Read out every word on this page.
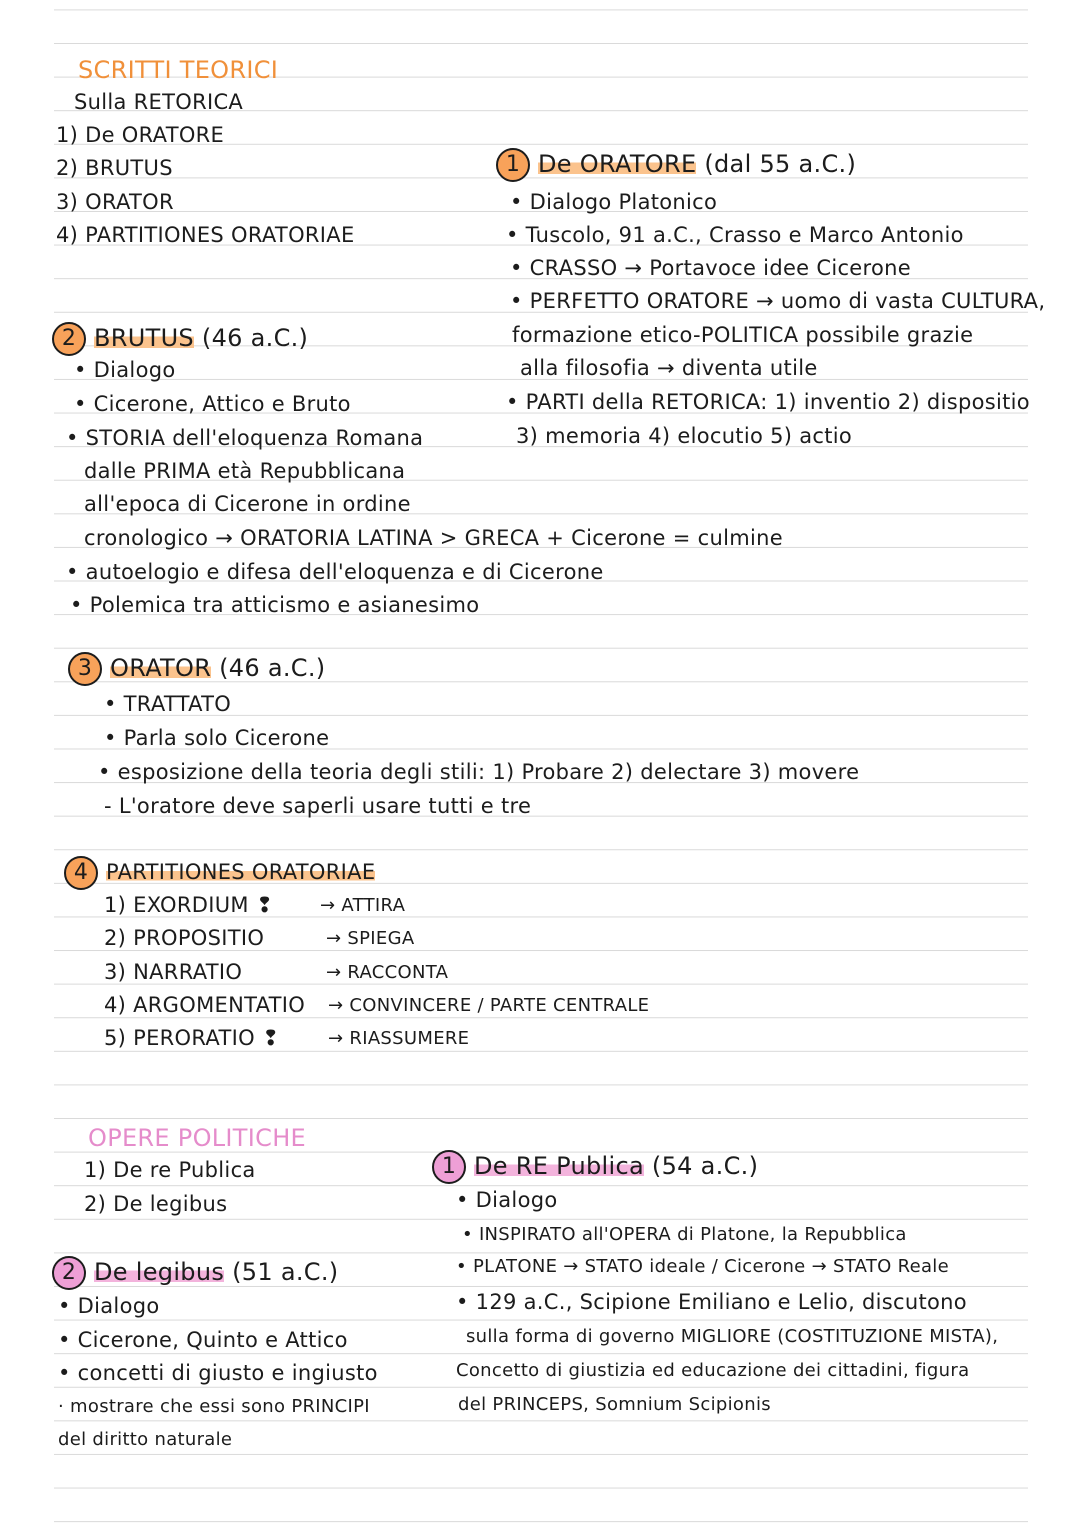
SCRITTI TEORICI
Sulla RETORICA
1) De ORATORE
2) BRUTUS
3) ORATOR
4) PARTITIONES ORATORIAE
1 De ORATORE (dal 55 a.C.)
• Dialogo Platonico
• Tuscolo, 91 a.C., Crasso e Marco Antonio
• CRASSO → Portavoce idee Cicerone
• PERFETTO ORATORE → uomo di vasta CULTURA,
formazione etico-POLITICA possibile grazie
alla filosofia → diventa utile
• PARTI della RETORICA: 1) inventio 2) dispositio
3) memoria 4) elocutio 5) actio
2 BRUTUS (46 a.C.)
• Dialogo
• Cicerone, Attico e Bruto
• STORIA dell'eloquenza Romana
dalle PRIMA età Repubblicana
all'epoca di Cicerone in ordine
cronologico → ORATORIA LATINA > GRECA + Cicerone = culmine
• autoelogio e difesa dell'eloquenza e di Cicerone
• Polemica tra atticismo e asianesimo
3 ORATOR (46 a.C.)
• TRATTATO
• Parla solo Cicerone
• esposizione della teoria degli stili: 1) Probare 2) delectare 3) movere
- L'oratore deve saperli usare tutti e tre
4 PARTITIONES ORATORIAE
1) EXORDIUM ❢	→ ATTIRA
2) PROPOSITIO	→ SPIEGA
3) NARRATIO	→ RACCONTA
4) ARGOMENTATIO → CONVINCERE / PARTE CENTRALE
5) PERORATIO ❢	→ RIASSUMERE
OPERE POLITICHE
1) De re Publica
2) De legibus
1 De RE Publica (54 a.C.)
• Dialogo
• INSPIRATO all'OPERA di Platone, la Repubblica
• PLATONE → STATO ideale / Cicerone → STATO Reale
• 129 a.C., Scipione Emiliano e Lelio, discutono
sulla forma di governo MIGLIORE (COSTITUZIONE MISTA),
Concetto di giustizia ed educazione dei cittadini, figura
del PRINCEPS, Somnium Scipionis
2 De legibus (51 a.C.)
• Dialogo
• Cicerone, Quinto e Attico
• concetti di giusto e ingiusto
· mostrare che essi sono PRINCIPI
del diritto naturale
